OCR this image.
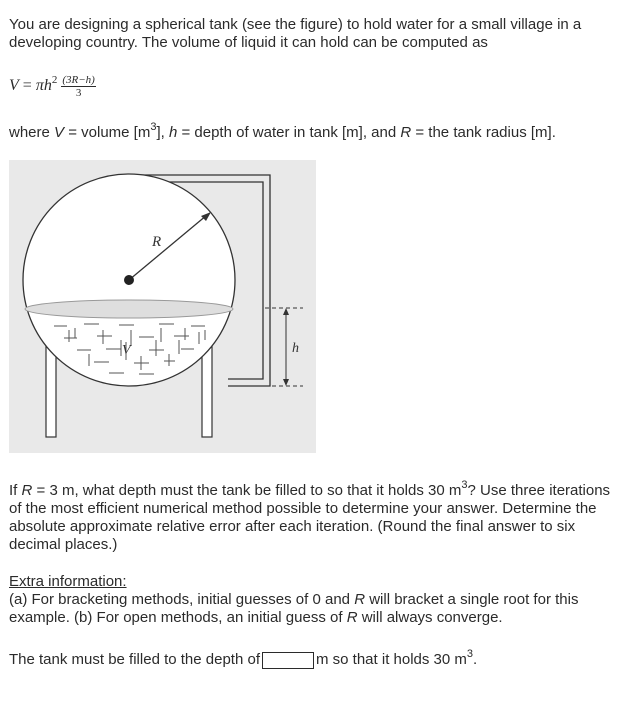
You are designing a spherical tank (see the figure) to hold water for a small village in a developing country. The volume of liquid it can hold can be computed as

$V = \pi h^2 \frac{(3R-h)}{3}$

where V = volume $[m^3]$, h = depth of water in tank [m], and R = the tank radius [m].

R
V	h

If R = 3 m, what depth must the tank be filled to so that it holds 30 $m^3$? Use three iterations of the most efficient numerical method possible to determine your answer. Determine the absolute approximate relative error after each iteration. (Round the final answer to six decimal places.)

Extra information:

(a) For bracketing methods, initial guesses of 0 and R will bracket a single root for this example. (b) For open methods, an initial guess of R will always converge.

The tank must be filled to the depth of	m so that it holds 30 $m^3$.
